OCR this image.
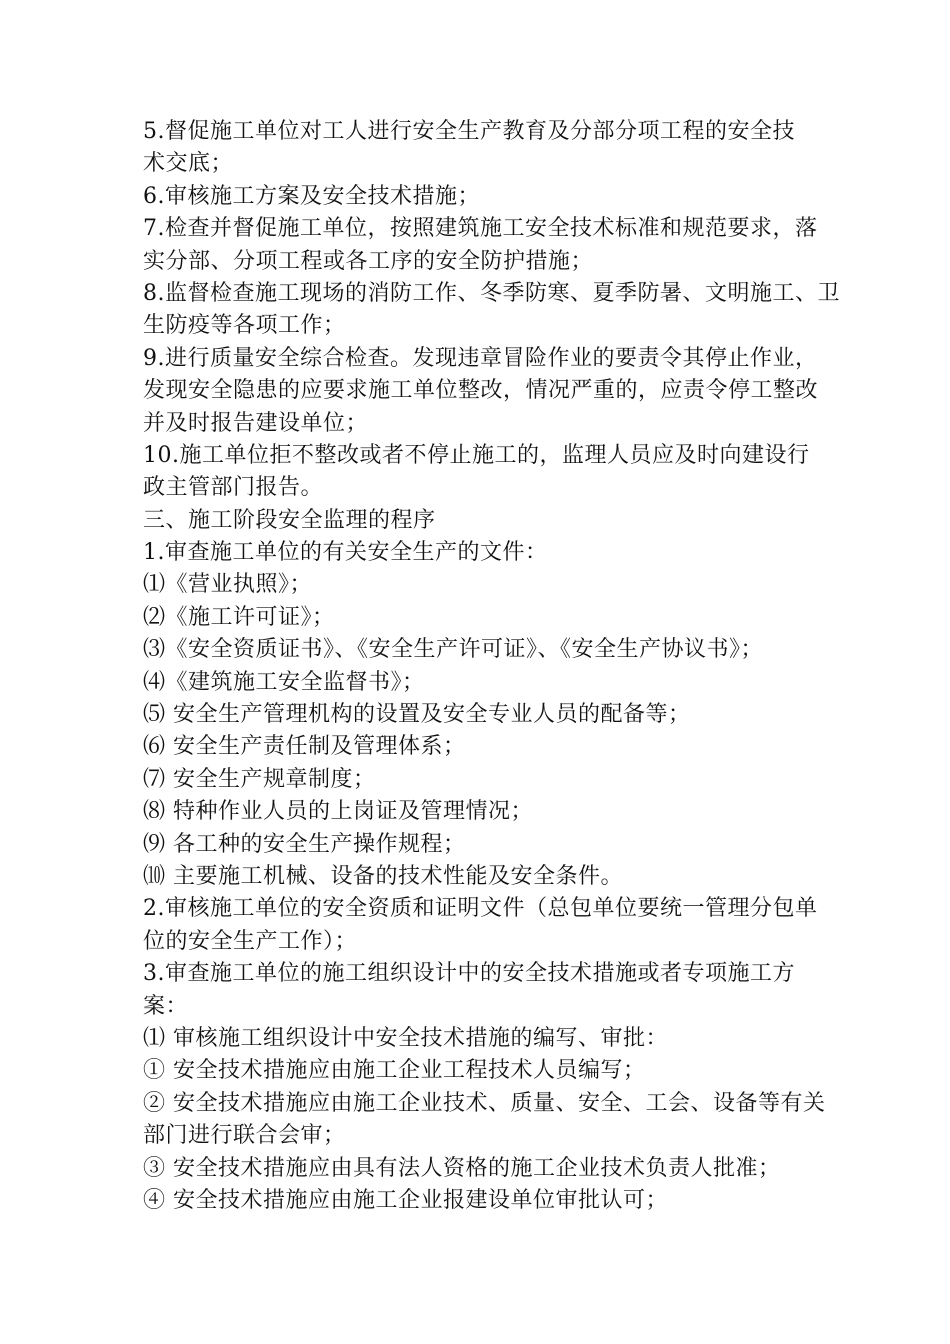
5.督促施工单位对工人进行安全生产教育及分部分项工程的安全技
术交底；
6.审核施工方案及安全技术措施；
7.检查并督促施工单位，按照建筑施工安全技术标准和规范要求，落
实分部、分项工程或各工序的安全防护措施；
8.监督检查施工现场的消防工作、冬季防寒、夏季防暑、文明施工、卫
生防疫等各项工作；
9.进行质量安全综合检查。发现违章冒险作业的要责令其停止作业，
发现安全隐患的应要求施工单位整改，情况严重的，应责令停工整改
并及时报告建设单位；
10.施工单位拒不整改或者不停止施工的，监理人员应及时向建设行
政主管部门报告。
三、施工阶段安全监理的程序
1.审查施工单位的有关安全生产的文件：
⑴《营业执照》；
⑵《施工许可证》；
⑶《安全资质证书》、《安全生产许可证》、《安全生产协议书》；
⑷《建筑施工安全监督书》；
⑸ 安全生产管理机构的设置及安全专业人员的配备等；
⑹ 安全生产责任制及管理体系；
⑺ 安全生产规章制度；
⑻ 特种作业人员的上岗证及管理情况；
⑼ 各工种的安全生产操作规程；
⑽ 主要施工机械、设备的技术性能及安全条件。
2.审核施工单位的安全资质和证明文件（总包单位要统一管理分包单
位的安全生产工作）；
3.审查施工单位的施工组织设计中的安全技术措施或者专项施工方
案：
⑴ 审核施工组织设计中安全技术措施的编写、审批：
① 安全技术措施应由施工企业工程技术人员编写；
② 安全技术措施应由施工企业技术、质量、安全、工会、设备等有关
部门进行联合会审；
③ 安全技术措施应由具有法人资格的施工企业技术负责人批准；
④ 安全技术措施应由施工企业报建设单位审批认可；
